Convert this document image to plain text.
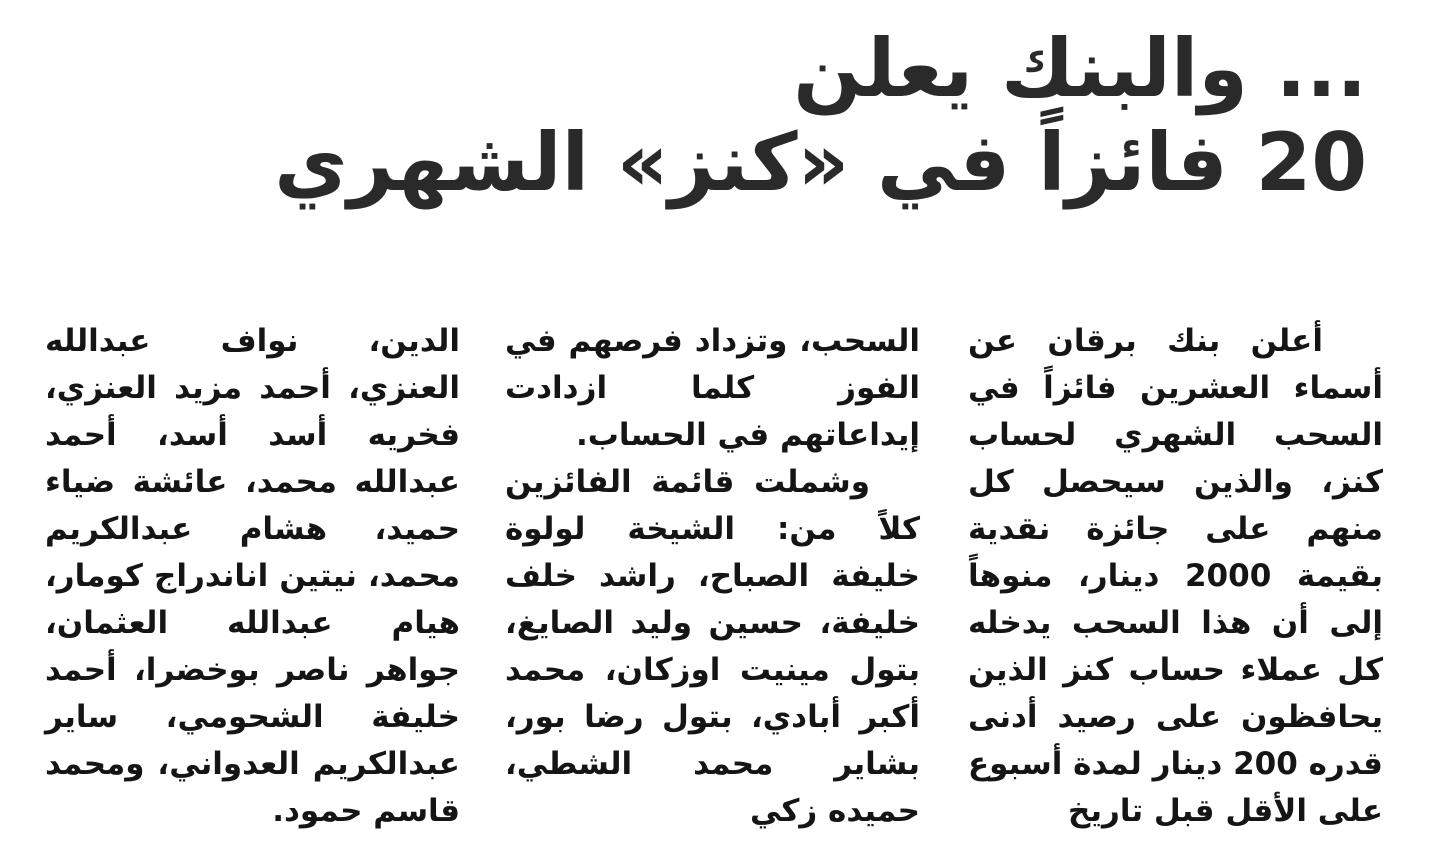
... والبنك يعلن
20 فائزاً في «كنز» الشهري

أعلن بنك برقان عن أسماء العشرين فائزاً في السحب الشهري لحساب كنز، والذين سيحصل كل منهم على جائزة نقدية بقيمة 2000 دينار، منوهاً إلى أن هذا السحب يدخله كل عملاء حساب كنز الذين يحافظون على رصيد أدنى قدره 200 دينار لمدة أسبوع على الأقل قبل تاريخ

السحب، وتزداد فرصهم في الفوز كلما ازدادت إيداعاتهم في الحساب.

وشملت قائمة الفائزين كلاً من: الشيخة لولوة خليفة الصباح، راشد خلف خليفة، حسين وليد الصايغ، بتول مينيت اوزكان، محمد أكبر أبادي، بتول رضا بور، بشاير محمد الشطي، حميده زكي

الدين، نواف عبدالله العنزي، أحمد مزيد العنزي، فخريه أسد أسد، أحمد عبدالله محمد، عائشة ضياء حميد، هشام عبدالكريم محمد، نيتين اناندراج كومار، هيام عبدالله العثمان، جواهر ناصر بوخضرا، أحمد خليفة الشحومي، ساير عبدالكريم العدواني، ومحمد قاسم حمود.
